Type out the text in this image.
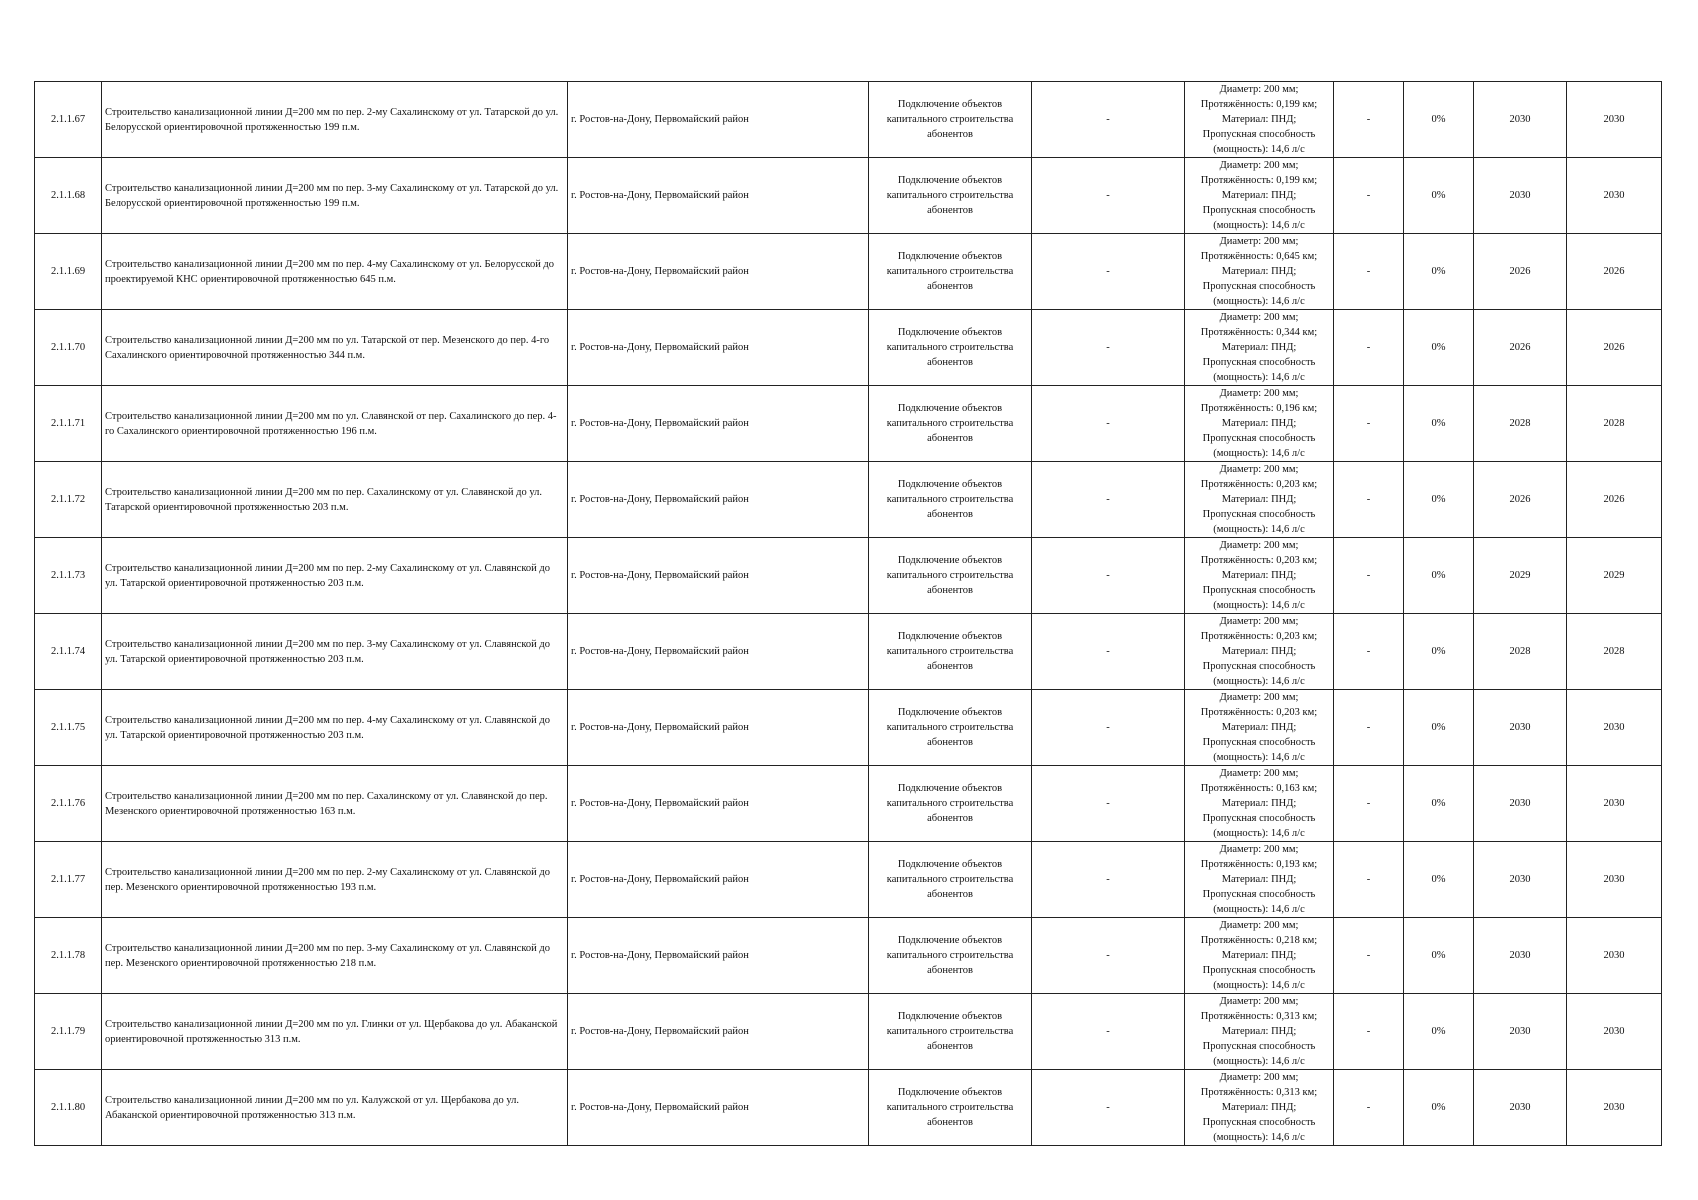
2.1.1.67	Строительство канализационной линии Д=200 мм по пер. 2-му Сахалинскому от ул. Татарской до ул. Белорусской ориентировочной протяженностью 199 п.м.	г. Ростов-на-Дону, Первомайский район	Подключение объектов капитального строительства абонентов	-	Диаметр: 200 мм;
Протяжённость: 0,199 км;
Материал: ПНД;
Пропускная способность
(мощность): 14,6 л/с	-	0%	2030	2030
2.1.1.68	Строительство канализационной линии Д=200 мм по пер. 3-му Сахалинскому от ул. Татарской до ул. Белорусской ориентировочной протяженностью 199 п.м.	г. Ростов-на-Дону, Первомайский район	Подключение объектов капитального строительства абонентов	-	Диаметр: 200 мм;
Протяжённость: 0,199 км;
Материал: ПНД;
Пропускная способность
(мощность): 14,6 л/с	-	0%	2030	2030
2.1.1.69	Строительство канализационной линии Д=200 мм по пер. 4-му Сахалинскому от ул. Белорусской до проектируемой КНС ориентировочной протяженностью 645 п.м.	г. Ростов-на-Дону, Первомайский район	Подключение объектов капитального строительства абонентов	-	Диаметр: 200 мм;
Протяжённость: 0,645 км;
Материал: ПНД;
Пропускная способность
(мощность): 14,6 л/с	-	0%	2026	2026
2.1.1.70	Строительство канализационной линии Д=200 мм по ул. Татарской от пер. Мезенского до пер. 4-го Сахалинского ориентировочной протяженностью 344 п.м.	г. Ростов-на-Дону, Первомайский район	Подключение объектов капитального строительства абонентов	-	Диаметр: 200 мм;
Протяжённость: 0,344 км;
Материал: ПНД;
Пропускная способность
(мощность): 14,6 л/с	-	0%	2026	2026
2.1.1.71	Строительство канализационной линии Д=200 мм по ул. Славянской от пер. Сахалинского до пер. 4-го Сахалинского ориентировочной протяженностью 196 п.м.	г. Ростов-на-Дону, Первомайский район	Подключение объектов капитального строительства абонентов	-	Диаметр: 200 мм;
Протяжённость: 0,196 км;
Материал: ПНД;
Пропускная способность
(мощность): 14,6 л/с	-	0%	2028	2028
2.1.1.72	Строительство канализационной линии Д=200 мм по пер. Сахалинскому от ул. Славянской до ул. Татарской ориентировочной протяженностью 203 п.м.	г. Ростов-на-Дону, Первомайский район	Подключение объектов капитального строительства абонентов	-	Диаметр: 200 мм;
Протяжённость: 0,203 км;
Материал: ПНД;
Пропускная способность
(мощность): 14,6 л/с	-	0%	2026	2026
2.1.1.73	Строительство канализационной линии Д=200 мм по пер. 2-му Сахалинскому от ул. Славянской до ул. Татарской ориентировочной протяженностью 203 п.м.	г. Ростов-на-Дону, Первомайский район	Подключение объектов капитального строительства абонентов	-	Диаметр: 200 мм;
Протяжённость: 0,203 км;
Материал: ПНД;
Пропускная способность
(мощность): 14,6 л/с	-	0%	2029	2029
2.1.1.74	Строительство канализационной линии Д=200 мм по пер. 3-му Сахалинскому от ул. Славянской до ул. Татарской ориентировочной протяженностью 203 п.м.	г. Ростов-на-Дону, Первомайский район	Подключение объектов капитального строительства абонентов	-	Диаметр: 200 мм;
Протяжённость: 0,203 км;
Материал: ПНД;
Пропускная способность
(мощность): 14,6 л/с	-	0%	2028	2028
2.1.1.75	Строительство канализационной линии Д=200 мм по пер. 4-му Сахалинскому от ул. Славянской до ул. Татарской ориентировочной протяженностью 203 п.м.	г. Ростов-на-Дону, Первомайский район	Подключение объектов капитального строительства абонентов	-	Диаметр: 200 мм;
Протяжённость: 0,203 км;
Материал: ПНД;
Пропускная способность
(мощность): 14,6 л/с	-	0%	2030	2030
2.1.1.76	Строительство канализационной линии Д=200 мм по пер. Сахалинскому от ул. Славянской до пер. Мезенского ориентировочной протяженностью 163 п.м.	г. Ростов-на-Дону, Первомайский район	Подключение объектов капитального строительства абонентов	-	Диаметр: 200 мм;
Протяжённость: 0,163 км;
Материал: ПНД;
Пропускная способность
(мощность): 14,6 л/с	-	0%	2030	2030
2.1.1.77	Строительство канализационной линии Д=200 мм по пер. 2-му Сахалинскому от ул. Славянской до пер. Мезенского ориентировочной протяженностью 193 п.м.	г. Ростов-на-Дону, Первомайский район	Подключение объектов капитального строительства абонентов	-	Диаметр: 200 мм;
Протяжённость: 0,193 км;
Материал: ПНД;
Пропускная способность
(мощность): 14,6 л/с	-	0%	2030	2030
2.1.1.78	Строительство канализационной линии Д=200 мм по пер. 3-му Сахалинскому от ул. Славянской до пер. Мезенского ориентировочной протяженностью 218 п.м.	г. Ростов-на-Дону, Первомайский район	Подключение объектов капитального строительства абонентов	-	Диаметр: 200 мм;
Протяжённость: 0,218 км;
Материал: ПНД;
Пропускная способность
(мощность): 14,6 л/с	-	0%	2030	2030
2.1.1.79	Строительство канализационной линии Д=200 мм по ул. Глинки от ул. Щербакова до ул. Абаканской ориентировочной протяженностью 313 п.м.	г. Ростов-на-Дону, Первомайский район	Подключение объектов капитального строительства абонентов	-	Диаметр: 200 мм;
Протяжённость: 0,313 км;
Материал: ПНД;
Пропускная способность
(мощность): 14,6 л/с	-	0%	2030	2030
2.1.1.80	Строительство канализационной линии Д=200 мм по ул. Калужской от ул. Щербакова до ул. Абаканской ориентировочной протяженностью 313 п.м.	г. Ростов-на-Дону, Первомайский район	Подключение объектов капитального строительства абонентов	-	Диаметр: 200 мм;
Протяжённость: 0,313 км;
Материал: ПНД;
Пропускная способность
(мощность): 14,6 л/с	-	0%	2030	2030
